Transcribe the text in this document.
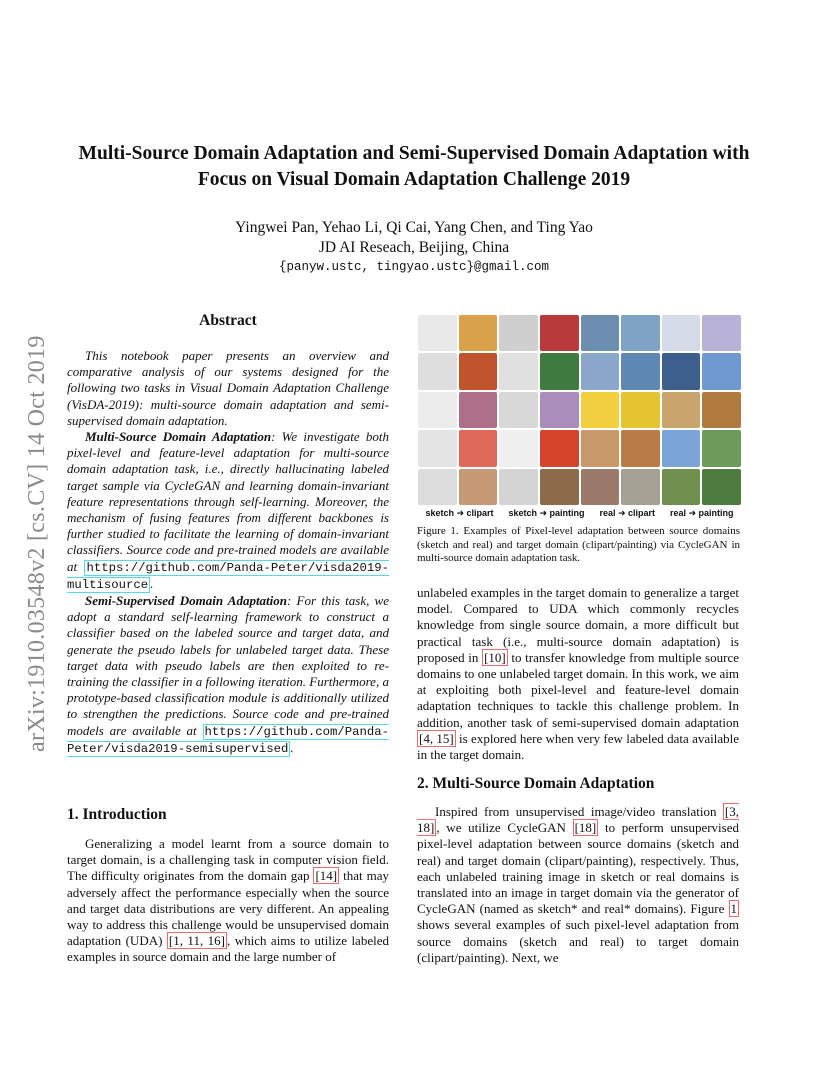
arXiv:1910.03548v2 [cs.CV] 14 Oct 2019
Multi-Source Domain Adaptation and Semi-Supervised Domain Adaptation with
Focus on Visual Domain Adaptation Challenge 2019
Yingwei Pan, Yehao Li, Qi Cai, Yang Chen, and Ting Yao
JD AI Reseach, Beijing, China
{panyw.ustc, tingyao.ustc}@gmail.com
Abstract

This notebook paper presents an overview and comparative analysis of our systems designed for the following two tasks in Visual Domain Adaptation Challenge (VisDA-2019): multi-source domain adaptation and semi-supervised domain adaptation.

Multi-Source Domain Adaptation: We investigate both pixel-level and feature-level adaptation for multi-source domain adaptation task, i.e., directly hallucinating labeled target sample via CycleGAN and learning domain-invariant feature representations through self-learning. Moreover, the mechanism of fusing features from different backbones is further studied to facilitate the learning of domain-invariant classifiers. Source code and pre-trained models are available at https://github.com/Panda-Peter/visda2019-multisource .

Semi-Supervised Domain Adaptation: For this task, we adopt a standard self-learning framework to construct a classifier based on the labeled source and target data, and generate the pseudo labels for unlabeled target data. These target data with pseudo labels are then exploited to re-training the classifier in a following iteration. Furthermore, a prototype-based classification module is additionally utilized to strengthen the predictions. Source code and pre-trained models are available at https://github.com/Panda-Peter/visda2019-semisupervised .

1. Introduction

Generalizing a model learnt from a source domain to target domain, is a challenging task in computer vision field. The difficulty originates from the domain gap [14] that may adversely affect the performance especially when the source and target data distributions are very different. An appealing way to address this challenge would be unsupervised domain adaptation (UDA) [1, 11, 16] , which aims to utilize labeled examples in source domain and the large number of

sketch ➜ clipart sketch ➜ painting real ➜ clipart real ➜ painting
Figure 1. Examples of Pixel-level adaptation between source domains (sketch and real) and target domain (clipart/painting) via CycleGAN in multi-source domain adaptation task.

unlabeled examples in the target domain to generalize a target model. Compared to UDA which commonly recycles knowledge from single source domain, a more difficult but practical task (i.e., multi-source domain adaptation) is proposed in [10] to transfer knowledge from multiple source domains to one unlabeled target domain. In this work, we aim at exploiting both pixel-level and feature-level domain adaptation techniques to tackle this challenge problem. In addition, another task of semi-supervised domain adaptation [4, 15] is explored here when very few labeled data available in the target domain.

2. Multi-Source Domain Adaptation

Inspired from unsupervised image/video translation [3, 18] , we utilize CycleGAN [18] to perform unsupervised pixel-level adaptation between source domains (sketch and real) and target domain (clipart/painting), respectively. Thus, each unlabeled training image in sketch or real domains is translated into an image in target domain via the generator of CycleGAN (named as sketch* and real* domains). Figure 1 shows several examples of such pixel-level adaptation from source domains (sketch and real) to target domain (clipart/painting). Next, we
